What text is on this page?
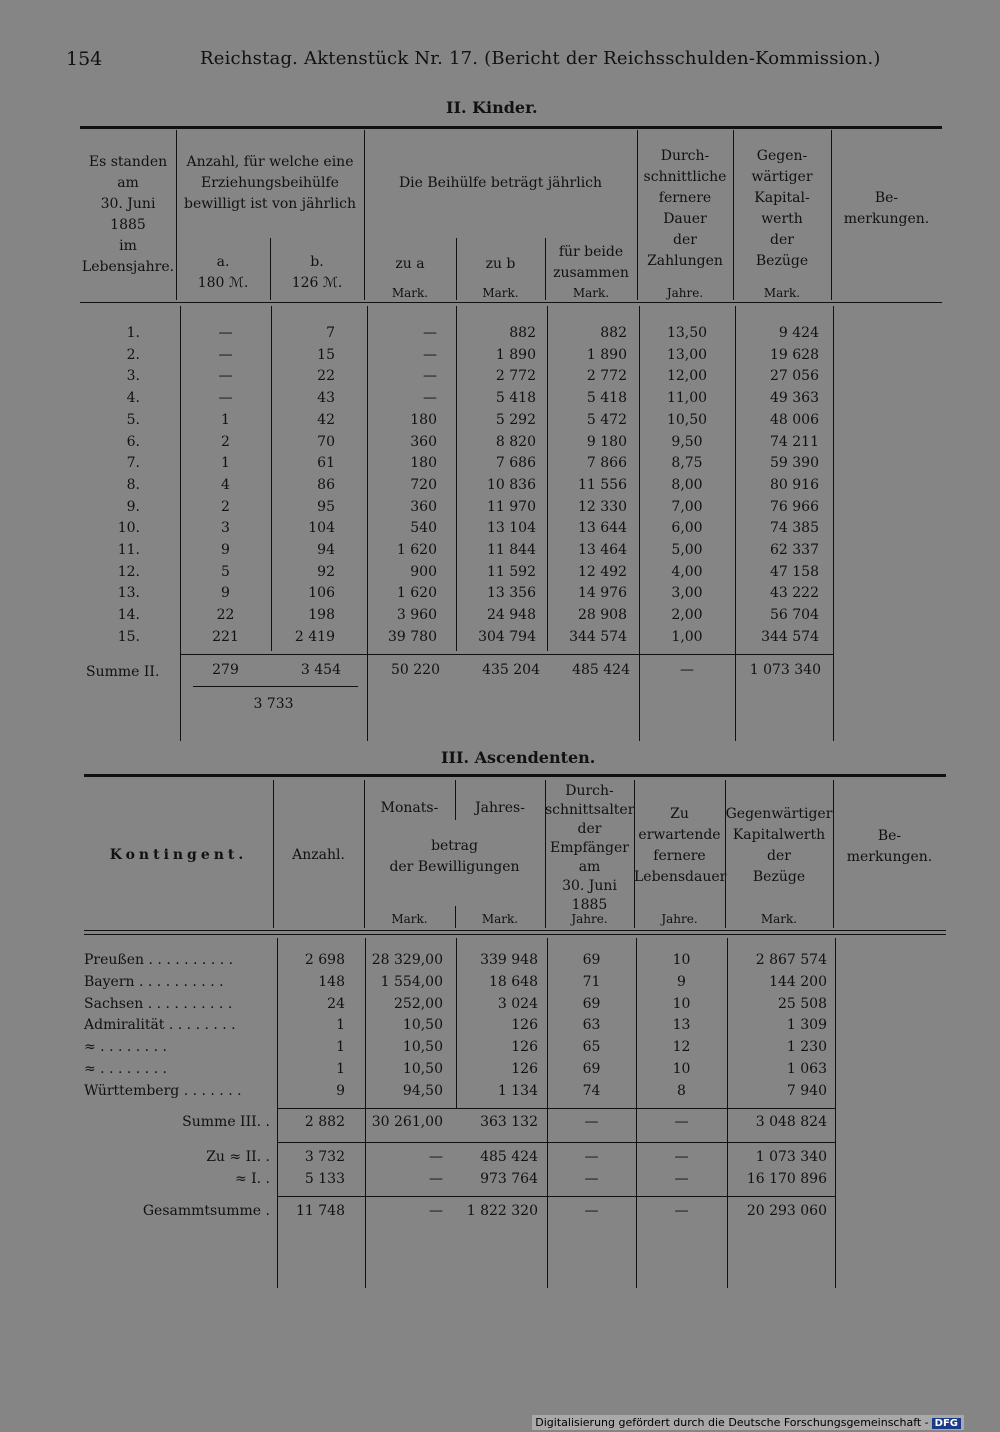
154	Reichstag. Aktenstück Nr. 17. (Bericht der Reichsschulden-Kommission.)
II. Kinder.
Es standen
am
30. Juni
1885
im
Lebensjahre.
Anzahl, für welche eine
Erziehungsbeihülfe
bewilligt ist von jährlich
a.
180 ℳ.
b.
126 ℳ.
Die Beihülfe beträgt jährlich
zu a	zu b
für beide
zusammen
Durch-
schnittliche
fernere
Dauer
der
Zahlungen
Gegen-
wärtiger
Kapital-
werth
der
Bezüge
Be-
merkungen.
Mark.	Mark.	Mark.	Jahre.	Mark.
1.	—	7	—	882	882	13,50	9 424
2.	—	15	—	1 890	1 890	13,00	19 628
3.	—	22	—	2 772	2 772	12,00	27 056
4.	—	43	—	5 418	5 418	11,00	49 363
5.	1	42	180	5 292	5 472	10,50	48 006
6.	2	70	360	8 820	9 180	9,50	74 211
7.	1	61	180	7 686	7 866	8,75	59 390
8.	4	86	720	10 836	11 556	8,00	80 916
9.	2	95	360	11 970	12 330	7,00	76 966
10.	3	104	540	13 104	13 644	6,00	74 385
11.	9	94	1 620	11 844	13 464	5,00	62 337
12.	5	92	900	11 592	12 492	4,00	47 158
13.	9	106	1 620	13 356	14 976	3,00	43 222
14.	22	198	3 960	24 948	28 908	2,00	56 704
15.	221	2 419	39 780	304 794	344 574	1,00	344 574
Summe II.	279	3 454	50 220	435 204	485 424	—	1 073 340
3 733
III. Ascendenten.
Kontingent.	Anzahl.
Monats-	Jahres-
betrag
der Bewilligungen
Durch-
schnittsalter
der
Empfänger
am
30. Juni
1885
Zu
erwartende
fernere
Lebensdauer
Gegenwärtiger
Kapitalwerth
der
Bezüge
Be-
merkungen.
Mark.	Mark.	Jahre.	Jahre.	Mark.
Preußen . . . . . . . . . .	2 698	28 329,00	339 948	69	10	2 867 574
Bayern . . . . . . . . . .	148	1 554,00	18 648	71	9	144 200
Sachsen . . . . . . . . . .	24	252,00	3 024	69	10	25 508
Admiralität . . . . . . . .	1	10,50	126	63	13	1 309
≈ . . . . . . . .	1	10,50	126	65	12	1 230
≈ . . . . . . . .	1	10,50	126	69	10	1 063
Württemberg . . . . . . .	9	94,50	1 134	74	8	7 940
Summe III. .	2 882	30 261,00	363 132	—	—	3 048 824
Zu ≈ II. .	3 732	—	485 424	—	—	1 073 340
≈ I. .	5 133	—	973 764	—	—	16 170 896
Gesammtsumme .	11 748	—	1 822 320	—	—	20 293 060
Digitalisierung gefördert durch die Deutsche Forschungsgemeinschaft - DFG
